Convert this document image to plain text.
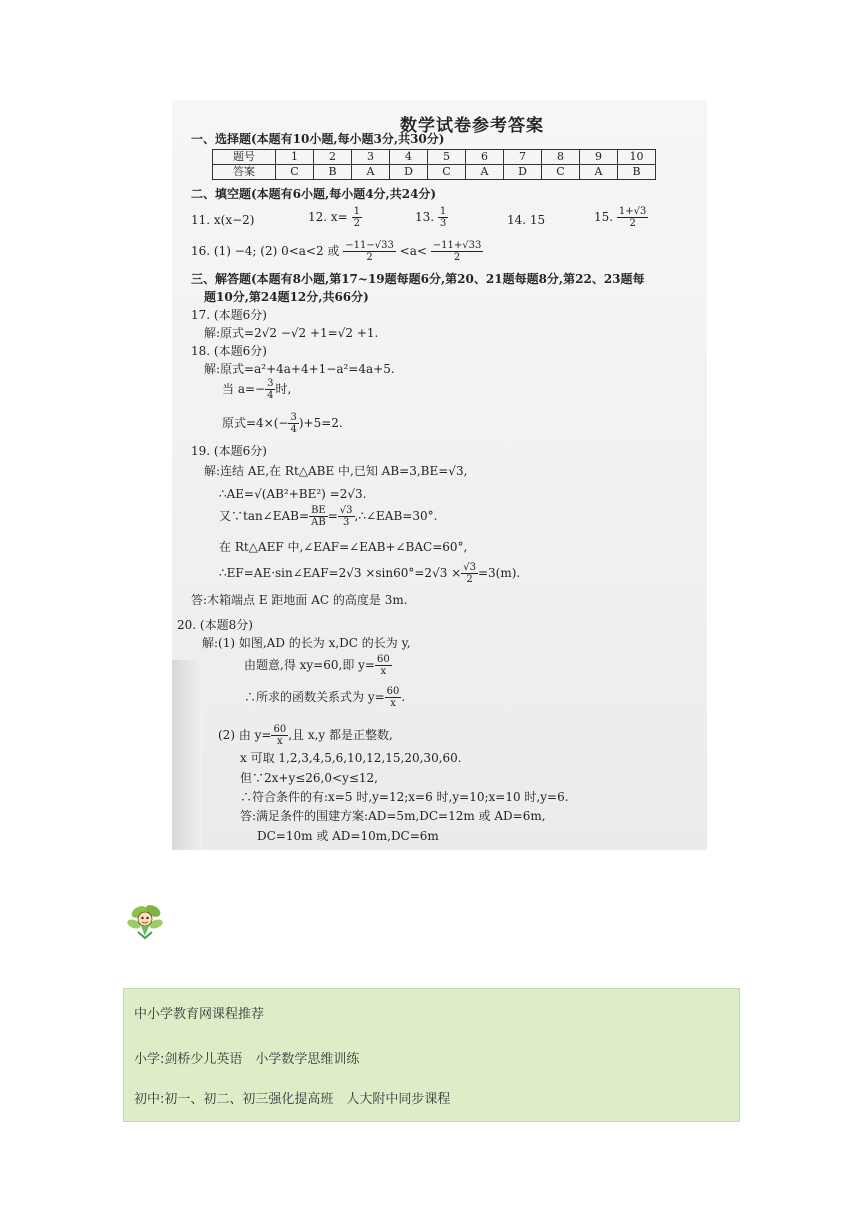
数学试卷参考答案
一、选择题(本题有10小题,每小题3分,共30分)
题号	1	2	3	4	5	6	7	8	9	10
答案	C	B	A	D	C	A	D	C	A	B
二、填空题(本题有6小题,每小题4分,共24分)
11. x(x−2)	12. $x= \frac{1}{2}$	13. $\frac{1}{3}$	14. 15	15. $\frac{1+√3}{2}$
16. (1) −4; (2) 0<a<2 或 $\frac{-11-√33}{2} <a< \frac{-11+√33}{2}$
三、解答题(本题有8小题,第17~19题每题6分,第20、21题每题8分,第22、23题每
题10分,第24题12分,共66分)
17. (本题6分)
解:原式=2√2 −√2 +1=√2 +1.
18. (本题6分)
解:原式=a²+4a+4+1−a²=4a+5.
当 $a=- \frac{3}{4}$ 时,
原式$=4\times(- \frac{3}{4} )+5=2$.
19. (本题6分)
解:连结 AE,在 Rt△ABE 中,已知 AB=3,BE=√3,
∴AE=√(AB²+BE²) =2√3.
又∵tan∠EAB= $\frac{BE}{AB} = \frac{√3}{3}$ ,∴∠EAB=30°.
在 Rt△AEF 中,∠EAF=∠EAB+∠BAC=60°,
∴EF=AE·sin∠EAF=2√3 $\times\sin 60^\circ=2√3 \times \frac{√3}{2} =3(m)$.
答:木箱端点 E 距地面 AC 的高度是 3m.
20. (本题8分)
解:(1) 如图,AD 的长为 x,DC 的长为 y,
由题意,得 xy=60,即 $y= \frac{60}{x}$
∴所求的函数关系式为 $y= \frac{60}{x}$ .
(2) 由 $y= \frac{60}{x}$ ,且 x,y 都是正整数,
x 可取 1,2,3,4,5,6,10,12,15,20,30,60.
但∵2x+y≤26,0<y≤12,
∴符合条件的有:x=5 时,y=12;x=6 时,y=10;x=10 时,y=6.
答:满足条件的围建方案:AD=5m,DC=12m 或 AD=6m,
DC=10m 或 AD=10m,DC=6m
中小学教育网课程推荐
小学:剑桥少儿英语　小学数学思维训练
初中:初一、初二、初三强化提高班　人大附中同步课程
